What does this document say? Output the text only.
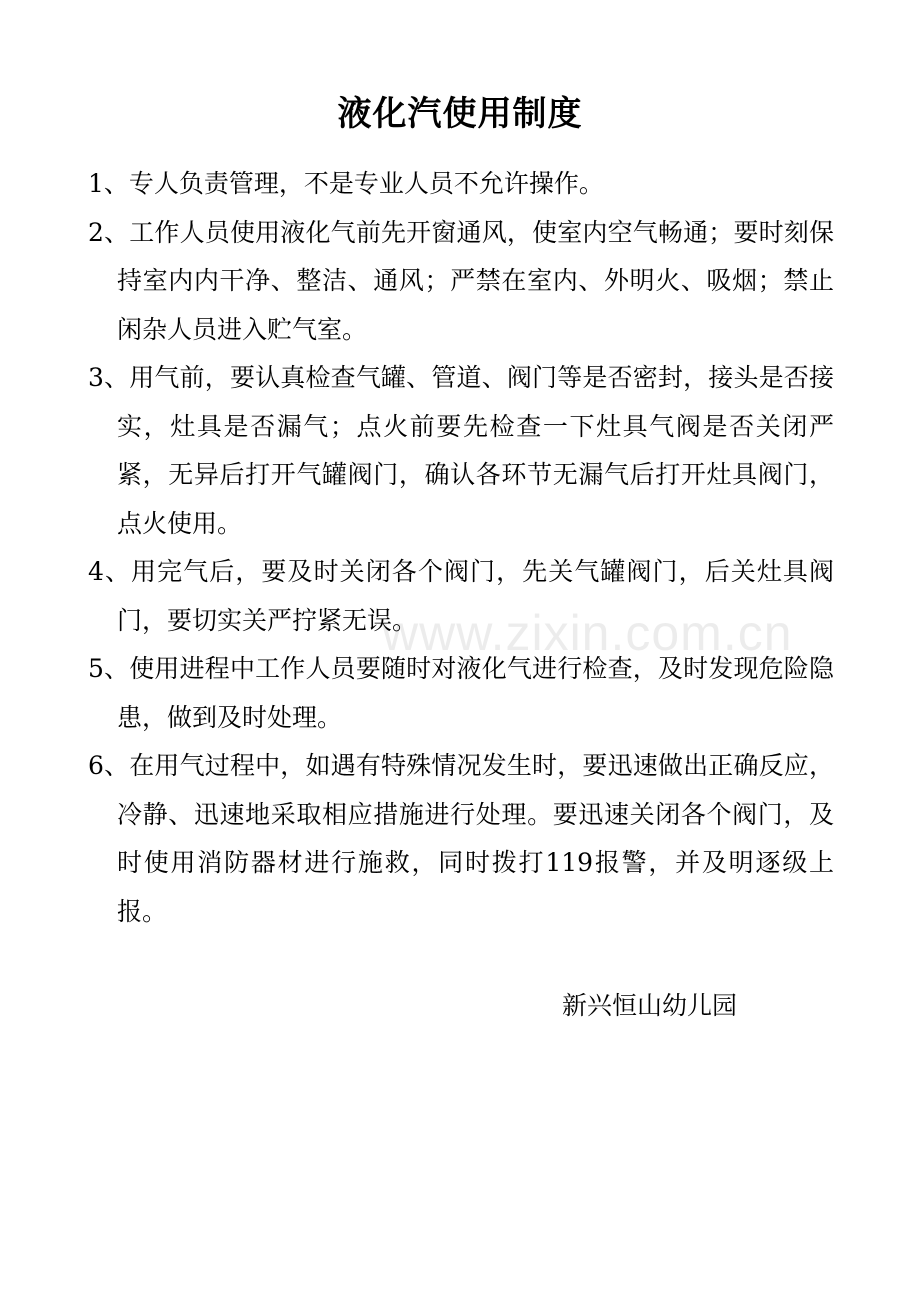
液化汽使用制度
1、专人负责管理，不是专业人员不允许操作。
2、工作人员使用液化气前先开窗通风，使室内空气畅通；要时刻保持室内内干净、整洁、通风；严禁在室内、外明火、吸烟；禁止闲杂人员进入贮气室。
3、用气前，要认真检查气罐、管道、阀门等是否密封，接头是否接实，灶具是否漏气；点火前要先检查一下灶具气阀是否关闭严紧，无异后打开气罐阀门，确认各环节无漏气后打开灶具阀门，点火使用。
4、用完气后，要及时关闭各个阀门，先关气罐阀门，后关灶具阀门，要切实关严拧紧无误。
5、使用进程中工作人员要随时对液化气进行检查，及时发现危险隐患，做到及时处理。
6、在用气过程中，如遇有特殊情况发生时，要迅速做出正确反应，冷静、迅速地采取相应措施进行处理。要迅速关闭各个阀门，及时使用消防器材进行施救，同时拨打119报警，并及明逐级上报。
www.zixin.com.cn
新兴恒山幼儿园
